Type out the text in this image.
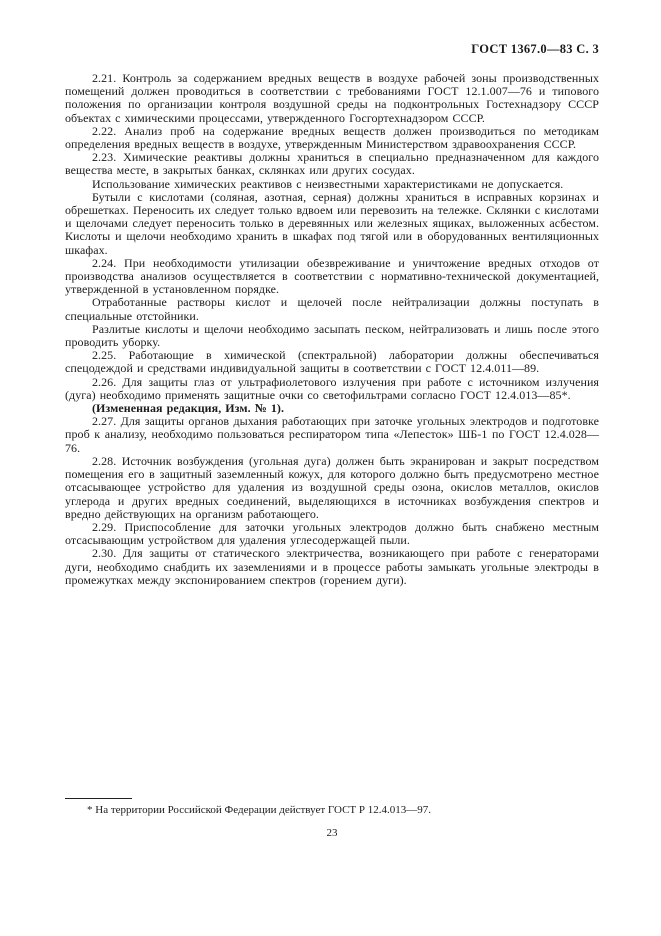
ГОСТ 1367.0—83 С. 3

2.21. Контроль за содержанием вредных веществ в воздухе рабочей зоны производственных помещений должен проводиться в соответствии с требованиями ГОСТ 12.1.007—76 и типового положения по организации контроля воздушной среды на подконтрольных Гостехнадзору СССР объектах с химическими процессами, утвержденного Госгортехнадзором СССР.

2.22. Анализ проб на содержание вредных веществ должен производиться по методикам определения вредных веществ в воздухе, утвержденным Министерством здравоохранения СССР.

2.23. Химические реактивы должны храниться в специально предназначенном для каждого вещества месте, в закрытых банках, склянках или других сосудах.

Использование химических реактивов с неизвестными характеристиками не допускается.

Бутыли с кислотами (соляная, азотная, серная) должны храниться в исправных корзинах и обрешетках. Переносить их следует только вдвоем или перевозить на тележке. Склянки с кислотами и щелочами следует переносить только в деревянных или железных ящиках, выложенных асбестом. Кислоты и щелочи необходимо хранить в шкафах под тягой или в оборудованных вентиляционных шкафах.

2.24. При необходимости утилизации обезвреживание и уничтожение вредных отходов от производства анализов осуществляется в соответствии с нормативно-технической документацией, утвержденной в установленном порядке.

Отработанные растворы кислот и щелочей после нейтрализации должны поступать в специальные отстойники.

Разлитые кислоты и щелочи необходимо засыпать песком, нейтрализовать и лишь после этого проводить уборку.

2.25. Работающие в химической (спектральной) лаборатории должны обеспечиваться спецодеждой и средствами индивидуальной защиты в соответствии с ГОСТ 12.4.011—89.

2.26. Для защиты глаз от ультрафиолетового излучения при работе с источником излучения (дуга) необходимо применять защитные очки со светофильтрами согласно ГОСТ 12.4.013—85*.

(Измененная редакция, Изм. № 1).

2.27. Для защиты органов дыхания работающих при заточке угольных электродов и подготовке проб к анализу, необходимо пользоваться респиратором типа «Лепесток» ШБ-1 по ГОСТ 12.4.028—76.

2.28. Источник возбуждения (угольная дуга) должен быть экранирован и закрыт посредством помещения его в защитный заземленный кожух, для которого должно быть предусмотрено местное отсасывающее устройство для удаления из воздушной среды озона, окислов металлов, окислов углерода и других вредных соединений, выделяющихся в источниках возбуждения спектров и вредно действующих на организм работающего.

2.29. Приспособление для заточки угольных электродов должно быть снабжено местным отсасывающим устройством для удаления углесодержащей пыли.

2.30. Для защиты от статического электричества, возникающего при работе с генераторами дуги, необходимо снабдить их заземлениями и в процессе работы замыкать угольные электроды в промежутках между экспонированием спектров (горением дуги).

* На территории Российской Федерации действует ГОСТ Р 12.4.013—97.

23
